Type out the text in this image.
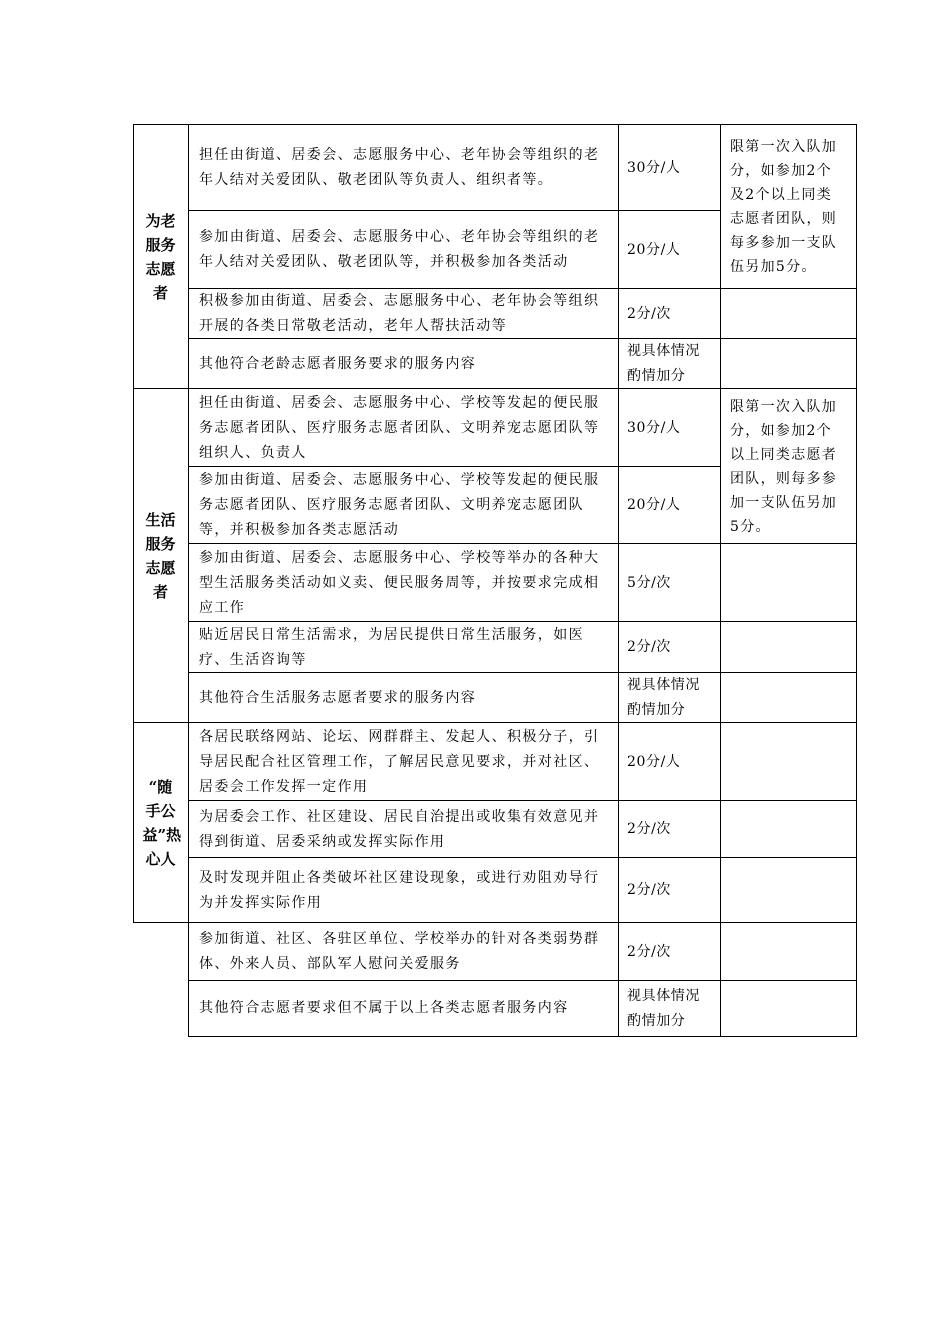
为老服务志愿者
担任由街道、居委会、志愿服务中心、老年协会等组织的老年人结对关爱团队、敬老团队等负责人、组织者等。
30分/人
限第一次入队加分，如参加2个及2个以上同类志愿者团队，则每多参加一支队伍另加5分。
参加由街道、居委会、志愿服务中心、老年协会等组织的老年人结对关爱团队、敬老团队等，并积极参加各类活动
20分/人
积极参加由街道、居委会、志愿服务中心、老年协会等组织开展的各类日常敬老活动，老年人帮扶活动等
2分/次
其他符合老龄志愿者服务要求的服务内容
视具体情况酌情加分
生活服务志愿者
担任由街道、居委会、志愿服务中心、学校等发起的便民服务志愿者团队、医疗服务志愿者团队、文明养宠志愿团队等组织人、负责人
30分/人
限第一次入队加分，如参加2个以上同类志愿者团队，则每多参加一支队伍另加5分。
参加由街道、居委会、志愿服务中心、学校等发起的便民服务志愿者团队、医疗服务志愿者团队、文明养宠志愿团队等，并积极参加各类志愿活动
20分/人
参加由街道、居委会、志愿服务中心、学校等举办的各种大型生活服务类活动如义卖、便民服务周等，并按要求完成相应工作
5分/次
贴近居民日常生活需求，为居民提供日常生活服务，如医疗、生活咨询等
2分/次
其他符合生活服务志愿者要求的服务内容
视具体情况酌情加分
“随手公益”热心人
各居民联络网站、论坛、网群群主、发起人、积极分子，引导居民配合社区管理工作，了解居民意见要求，并对社区、居委会工作发挥一定作用
20分/人
为居委会工作、社区建设、居民自治提出或收集有效意见并得到街道、居委采纳或发挥实际作用
2分/次
及时发现并阻止各类破坏社区建设现象，或进行劝阻劝导行为并发挥实际作用
2分/次
参加街道、社区、各驻区单位、学校举办的针对各类弱势群体、外来人员、部队军人慰问关爱服务
2分/次
其他符合志愿者要求但不属于以上各类志愿者服务内容
视具体情况酌情加分
